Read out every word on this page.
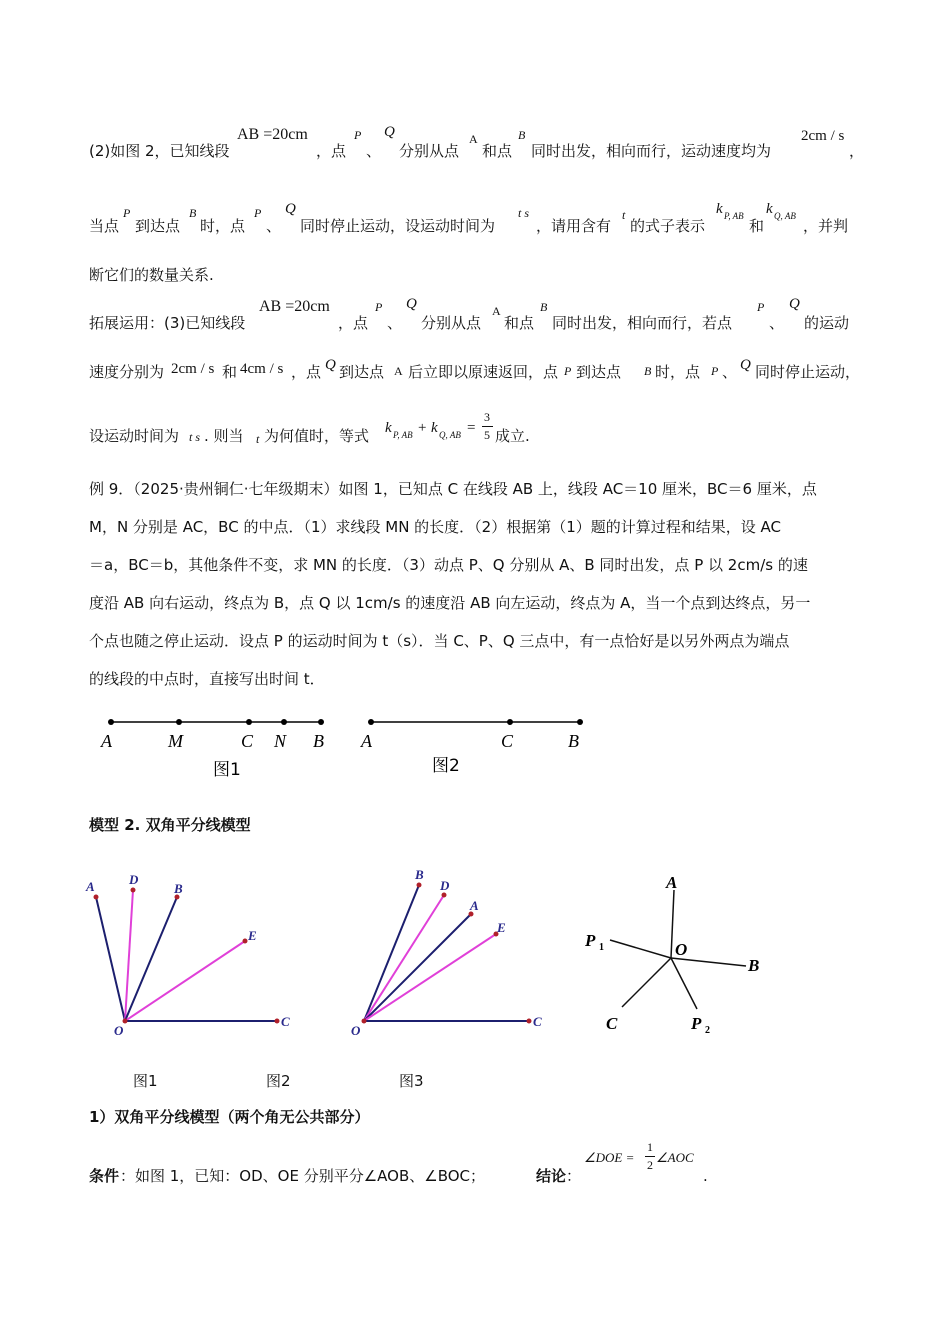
(2)如图 2，已知线段
AB =20cm
，点
P
、
Q
分别从点
A
和点
B
同时出发，相向而行，运动速度均为
2cm / s
，
当点
P
到达点
B
时，点
P
、
Q
同时停止运动，设运动时间为
t s
，请用含有
t
的式子表示
k P, AB
和
k Q, AB
，并判
断它们的数量关系.
拓展运用：(3)已知线段
AB =20cm
，点
P
、
Q
分别从点
A
和点
B
同时出发，相向而行，若点
P
、
Q
的运动
速度分别为 2cm / s 和 4cm / s ，点 Q 到达点 A 后立即以原速返回，点 P 到达点 B 时，点 P 、 Q 同时停止运动，
设运动时间为 t s . 则当 t 为何值时，等式 k P, AB + k Q, AB =
3
5 成立.
例 9．（2025·贵州铜仁·七年级期末）如图 1，已知点 C 在线段 AB 上，线段 AC＝10 厘米，BC＝6 厘米，点
M，N 分别是 AC，BC 的中点．（1）求线段 MN 的长度．（2）根据第（1）题的计算过程和结果，设 AC
＝a，BC＝b，其他条件不变，求 MN 的长度．（3）动点 P、Q 分别从 A、B 同时出发，点 P 以 2cm/s 的速
度沿 AB 向右运动，终点为 B，点 Q 以 1cm/s 的速度沿 AB 向左运动，终点为 A，当一个点到达终点，另一
个点也随之停止运动．设点 P 的运动时间为 t（s）．当 C、P、Q 三点中，有一点恰好是以另外两点为端点
的线段的中点时，直接写出时间 t．
A	M	C N B
图1
A	C	B
图2
模型 2. 双角平分线模型
A	D
B
E
O
C
B
D
A
E
O
C
A
P 1	O
B
C	P 2
图1	图2	图3
1）双角平分线模型（两个角无公共部分）
条件 ：如图 1，已知：OD、OE 分别平分∠AOB、∠BOC；	结论 ：
∠DOE =
1
2 ∠AOC
.
